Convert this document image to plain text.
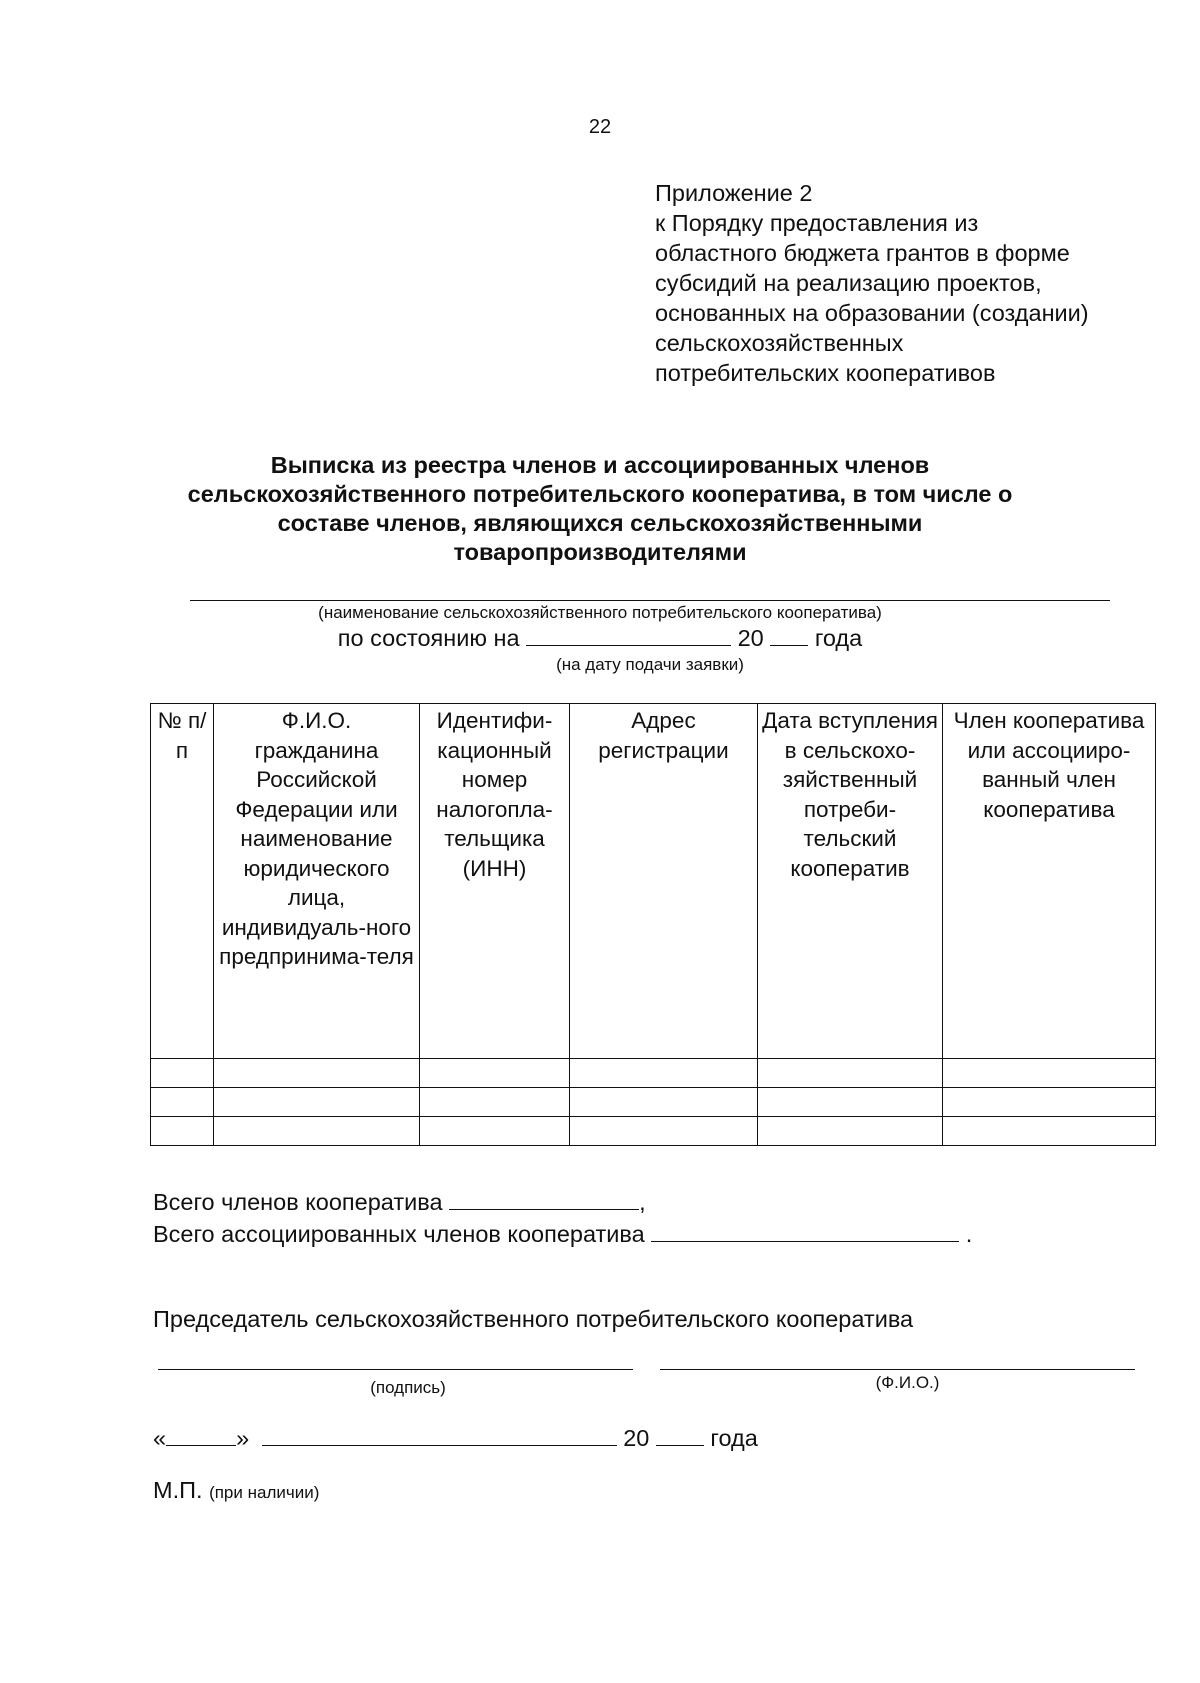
22
Приложение 2
к Порядку предоставления из
областного бюджета грантов в форме
субсидий на реализацию проектов,
основанных на образовании (создании)
сельскохозяйственных
потребительских кооперативов
Выписка из реестра членов и ассоциированных членов
сельскохозяйственного потребительского кооператива, в том числе о
составе членов, являющихся сельскохозяйственными
товаропроизводителями
(наименование сельскохозяйственного потребительского кооператива)
по состоянию на	20 года
(на дату подачи заявки)
№ п/п	Ф.И.О. гражданина Российской Федерации или наименование юридического лица, индивидуаль-ного предпринима-теля	Идентифи-кационный номер налогопла-тельщика (ИНН)	Адрес регистрации	Дата вступления в сельскохо-зяйственный потреби-тельский кооператив	Член кооператива или ассоцииро-ванный член кооператива

Всего членов кооператива	,
Всего ассоциированных членов кооператива	.
Председатель сельскохозяйственного потребительского кооператива
(подпись)	(Ф.И.О.)
«	»	20	года
М.П. (при наличии)
